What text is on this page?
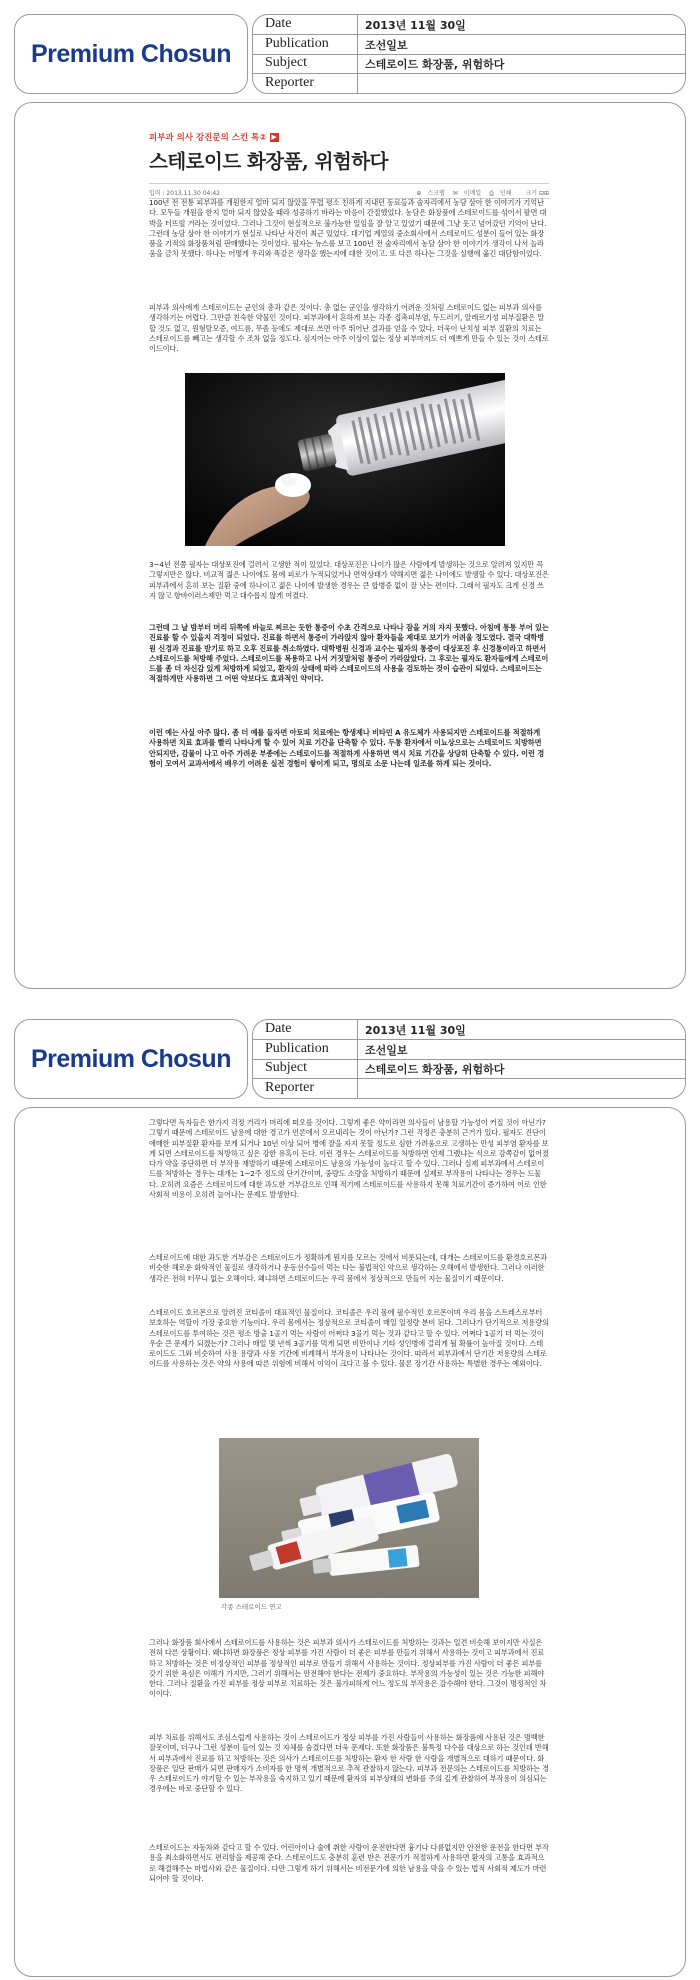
Premium Chosun
Date	2013년 11월 30일
Publication	조선일보
Subject	스테로이드 화장품, 위험하다
Reporter
피부과 의사 강진문의 스킨 톡② ▶
스테로이드 화장품, 위험하다
입력 : 2013.11.30 04:42	⊕ 스크랩 ✉ 이메일 ⎙ 인쇄 크기 ⊟⊞

100년 전 전통 피부과를 개원한지 얼마 되지 않았을 무렵 평소 친하게 지내던 동료들과 술자리에서 농담 삼아 한 이야기가 기억난다. 모두들 개원을 한지 얼마 되지 않았을 때라 성공하기 바라는 마음이 간절했었다. 농담은 화장품에 스테로이드를 섞어서 팔면 대박을 터뜨릴 거라는 것이었다. 그러나 그것이 현실적으로 불가능한 일임을 잘 알고 있었기 때문에 그냥 웃고 넘어갔던 기억이 난다. 그런데 농담 삼아 한 이야기가 현실로 나타난 사건이 최근 있었다. 대기업 계열의 중소회사에서 스테로이드 성분이 들어 있는 화장품을 기적의 화장품처럼 판매했다는 것이었다. 필자는 뉴스를 보고 100년 전 술자리에서 농담 삼아 한 이야기가 생각이 나서 놀라움을 금치 못했다. 하나는 어떻게 우리와 똑같은 생각을 했는지에 대한 것이고. 또 다른 하나는 그것을 실행에 옮긴 대담함이었다.

피부과 의사에게 스테로이드는 군인의 총과 같은 것이다. 총 없는 군인을 생각하기 어려운 것처럼 스테로이드 없는 피부과 의사를 생각하기는 어렵다. 그만큼 친숙한 약물인 것이다. 피부과에서 흔하게 보는 각종 접촉피부염, 두드러기, 알레르기성 피부질환은 말할 것도 없고, 원형탈모증, 여드름, 무좀 등에도 제대로 쓰면 아주 뛰어난 결과를 얻을 수 있다. 더욱이 난치성 피부 질환의 치료는 스테로이드를 빼고는 생각할 수 조차 없을 정도다. 심지어는 아주 이상이 없는 정상 피부마저도 더 예쁘게 만들 수 있는 것이 스테로이드이다.

3~4년 전쯤 필자는 대상포진에 걸려서 고생한 적이 있었다. 대상포진은 나이가 많은 사람에게 발생하는 것으로 알려져 있지만 꼭 그렇지만은 않다. 비교적 젊은 나이에도 몸에 피로가 누적되었거나 면역상태가 약해지면 젊은 나이에도 발생할 수 있다. 대상포진은 피부과에서 흔히 보는 질환 중에 하나이고 젊은 나이에 발생한 경우는 큰 합병증 없이 잘 낫는 편이다. 그래서 필자도 크게 신경 쓰지 않고 항바이러스제만 먹고 대수롭지 않게 여겼다.

그런데 그 날 밤부터 머리 뒤쪽에 바늘로 찌르는 듯한 통증이 수초 간격으로 나타나 잠을 거의 자지 못했다. 아침에 퉁퉁 부어 있는 진료를 할 수 있을지 걱정이 되었다. 진료를 하면서 통증이 가라앉지 않아 환자들을 제대로 보기가 어려울 정도였다. 결국 대학병원 신경과 진료를 받기로 하고 오후 진료를 취소하였다. 대학병원 신경과 교수는 필자의 통증이 대상포진 후 신경통이라고 하면서 스테로이드를 처방해 주었다. 스테로이드를 복용하고 나서 거짓말처럼 통증이 가라앉았다. 그 후로는 필자도 환자들에게 스테로이드를 좀 더 자신감 있게 처방하게 되었고, 환자의 상태에 따라 스테로이드의 사용을 검토하는 것이 습관이 되었다. 스테로이드는 적절하게만 사용하면 그 어떤 약보다도 효과적인 약이다.

이런 예는 사실 아주 많다. 좀 더 예를 들자면 아토피 치료에는 항생제나 비타민 A 유도체가 사용되지만 스테로이드를 적절하게 사용하면 치료 효과를 빨리 나타나게 할 수 있어 치료 기간을 단축할 수 있다. 두통 환자에서 이뇨상으로는 스테로이드 치방하면 안되지만, 감물이 나고 아주 가려운 부종에는 스테로이드를 적절하게 사용하면 역시 치료 기간을 상당히 단축할 수 있다. 이런 경험이 모여서 교과서에서 배우기 어려운 실전 경험이 쌓이게 되고, 명의로 소문 나는데 일조를 하게 되는 것이다.

Premium Chosun
Date	2013년 11월 30일
Publication	조선일보
Subject	스테로이드 화장품, 위험하다
Reporter

그렇다면 독자들은 한가지 걱정 거리가 머리에 떠오를 것이다. 그렇게 좋은 약이라면 의사들이 남용할 가능성이 커질 것이 아닌가? 그렇기 때문에 스테로이드 남용에 대한 경고가 언론에서 오르내리는 것이 아닌가? 그런 걱정은 충분히 근거가 있다. 필자도 진단이 애매한 피부질환 환자를 보게 되거나 10년 이상 되어 병에 잘을 자지 못할 정도로 심한 가려움으로 고생하는 만성 피부염 환자를 보게 되면 스테로이드를 처방하고 싶은 강한 유혹이 든다. 이런 경우는 스테로이드를 처방하면 언제 그랬냐는 식으로 감쪽같이 없어졌다가 약을 중단하면 더 부작용 재발하기 때문에 스테로이드 남용의 가능성이 높다고 할 수 있다. 그러나 실제 피부과에서 스테로이드를 처방하는 경우는 대개는 1~2주 정도의 단기간이며, 중량도 소량을 처방하기 때문에 실제로 부작용이 나타나는 경우는 드물다. 오히려 요즘은 스테로이드에 대한 과도한 거부감으로 인해 적기에 스테로이드를 사용하지 못해 치료기간이 증가하여 이로 인한 사회적 비용이 오히려 늘어나는 문제도 발생한다.

스테로이드에 대한 과도한 거부감은 스테로이드가 정확하게 뭔지를 모르는 것에서 비롯되는데, 대개는 스테로이드를 환경호르몬과 비슷한 해로운 화학적인 물질로 생각하거나 운동선수들이 먹는 다는 불법적인 약으로 생각하는 오해에서 발생한다. 그러나 이러한 생각은 전혀 터무니 없는 오해이다. 왜냐하면 스테로이드는 우리 몸에서 정상적으로 만들어 지는 물질이기 때문이다.

스테로이드 호르몬으로 알려진 코티졸이 대표적인 물질이다. 코티졸은 우리 몸에 필수적인 호르몬이며 우리 몸을 스트레스로부터 보호하는 역할이 가장 중요한 기능이다. 우리 몸에서는 정상적으로 코티졸이 매일 일정량 분비 된다. 그러나가 단기적으로 저용량의 스테로이드를 투여하는 것은 평소 방출 1골기 먹는 사람이 어쩌다 3골기 먹는 것과 같다고 할 수 있다. 어쩌다 1골기 더 먹는 것이 우순 큰 문제가 되겠는가? 그러나 매일 몇 년씩 3골기를 먹게 되면 비만이나 기타 성인병에 걸리게 될 확률이 높아질 것이다. 스테로이드도 그와 비슷하여 사용 용량과 사용 기간에 비례해서 부작용이 나타나는 것이다. 따라서 피부과에서 단기간 저용량의 스테로이드를 사용하는 것은 약의 사용에 따른 위험에 비해서 이익이 크다고 볼 수 있다. 물론 장기간 사용하는 특별한 경우는 예외이다.

각종 스테로이드 연고

그러나 화장품 회사에서 스테로이드를 사용하는 것은 피부과 의사가 스테로이드를 처방하는 것과는 일견 비슷해 보이지만 사실은 전혀 다른 상황이다. 왜냐하면 화장품은 정상 피부를 가진 사람이 더 좋은 피부를 만들기 위해서 사용하는 것이고 피부과에서 진료하고 처방하는 것은 비정상적인 피부를 정상적인 피부로 만들기 위해서 사용하는 것이다. 정상피부를 가진 사람이 더 좋은 피부를 갖기 위한 욕심은 이해가 가지만, 그러기 위해서는 안전해야 한다는 전제가 중요하다. 부작용의 가능성이 있는 것은 가능한 피해야 한다. 그러나 질환을 가진 피부를 정상 피부로 치료하는 것은 불가피하게 어느 정도의 부작용은 감수해야 한다. 그것이 명정적인 차이이다.

피부 치료를 위해서도 조심스럽게 사용하는 것이 스테로이드가 정상 피부를 가진 사람들이 사용하는 화장품에 사용된 것은 명백한 잘못이며, 더구나 그런 성분이 들어 있는 것 자체를 숨겼다면 더욱 문제다. 또한 화장품은 불특정 다수를 대상으로 하는 것인데 반해서 피부과에서 진료를 하고 처방하는 것은 의사가 스테로이드를 처방하는 환자 한 사람 한 사람을 개별적으로 대하기 때문이다. 화장품은 일단 판매가 되면 판매자가 소비자를 한 명씩 개별적으로 추적 관찰하지 않는다. 피부과 전문의는 스테로이드를 처방하는 경우 스테로이드가 야기할 수 있는 부작용을 숙지하고 있기 때문에 환자의 피부상태의 변화를 주의 깊게 관찰하여 부작용이 의심되는 경우에는 바로 중단할 수 있다.

스테로이드는 자동차와 같다고 할 수 있다. 어린아이나 술에 취한 사람이 운전한다면 흉기나 다름없지만 안전한 운전을 한다면 부작용을 최소화하면서도 편리함을 제공해 준다. 스테로이드도 충분히 훈련 받은 전문가가 적절하게 사용하면 환자의 고통을 효과적으로 해결해주는 마법사와 같은 물질이다. 다만 그렇게 하기 위해서는 비전문가에 의한 남용을 막을 수 있는 법적 사회적 제도가 마련되어야 할 것이다.
